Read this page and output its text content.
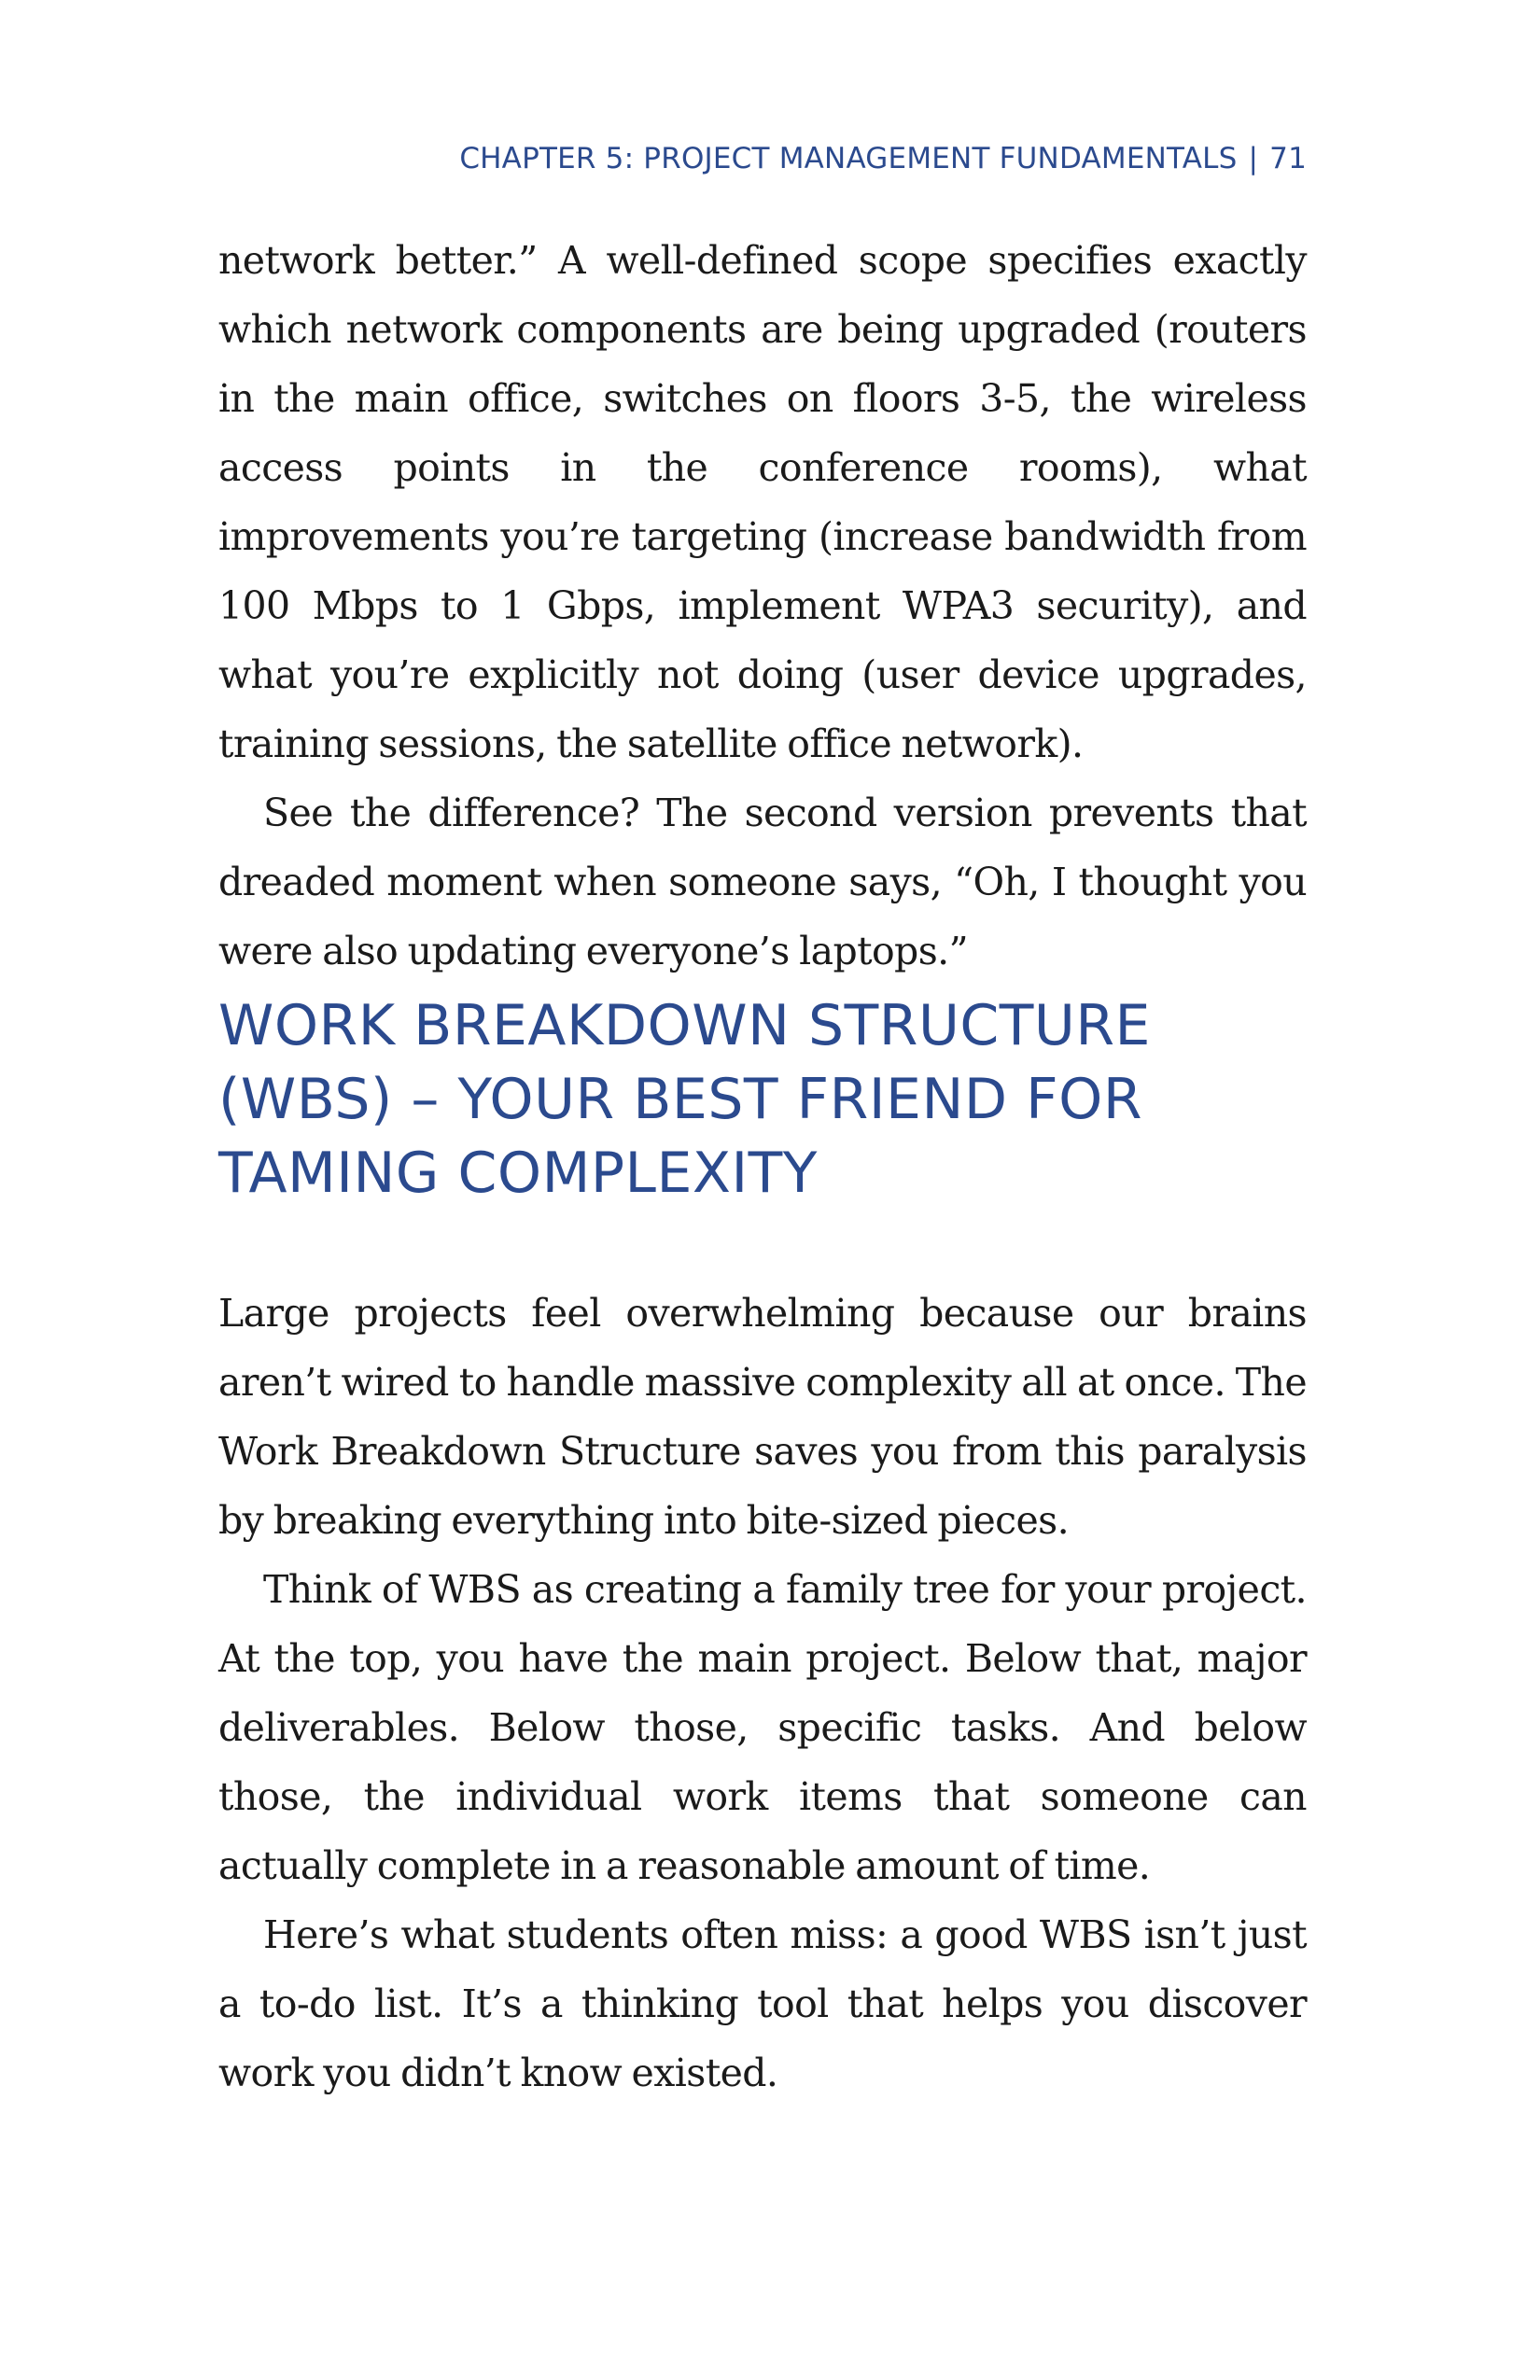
CHAPTER 5: PROJECT MANAGEMENT FUNDAMENTALS | 71

network better.” A well-defined scope specifies exactly which network components are being upgraded (routers in the main office, switches on floors 3-5, the wireless access points in the conference rooms), what improvements you’re targeting (increase bandwidth from 100 Mbps to 1 Gbps, implement WPA3 security), and what you’re explicitly not doing (user device upgrades, training sessions, the satellite office network).

See the difference? The second version prevents that dreaded moment when someone says, “Oh, I thought you were also updating everyone’s laptops.”

WORK BREAKDOWN STRUCTURE (WBS) – YOUR BEST FRIEND FOR TAMING COMPLEXITY

Large projects feel overwhelming because our brains aren’t wired to handle massive complexity all at once. The Work Breakdown Structure saves you from this paralysis by breaking everything into bite-sized pieces.

Think of WBS as creating a family tree for your project. At the top, you have the main project. Below that, major deliverables. Below those, specific tasks. And below those, the individual work items that someone can actually complete in a reasonable amount of time.

Here’s what students often miss: a good WBS isn’t just a to-do list. It’s a thinking tool that helps you discover work you didn’t know existed.
